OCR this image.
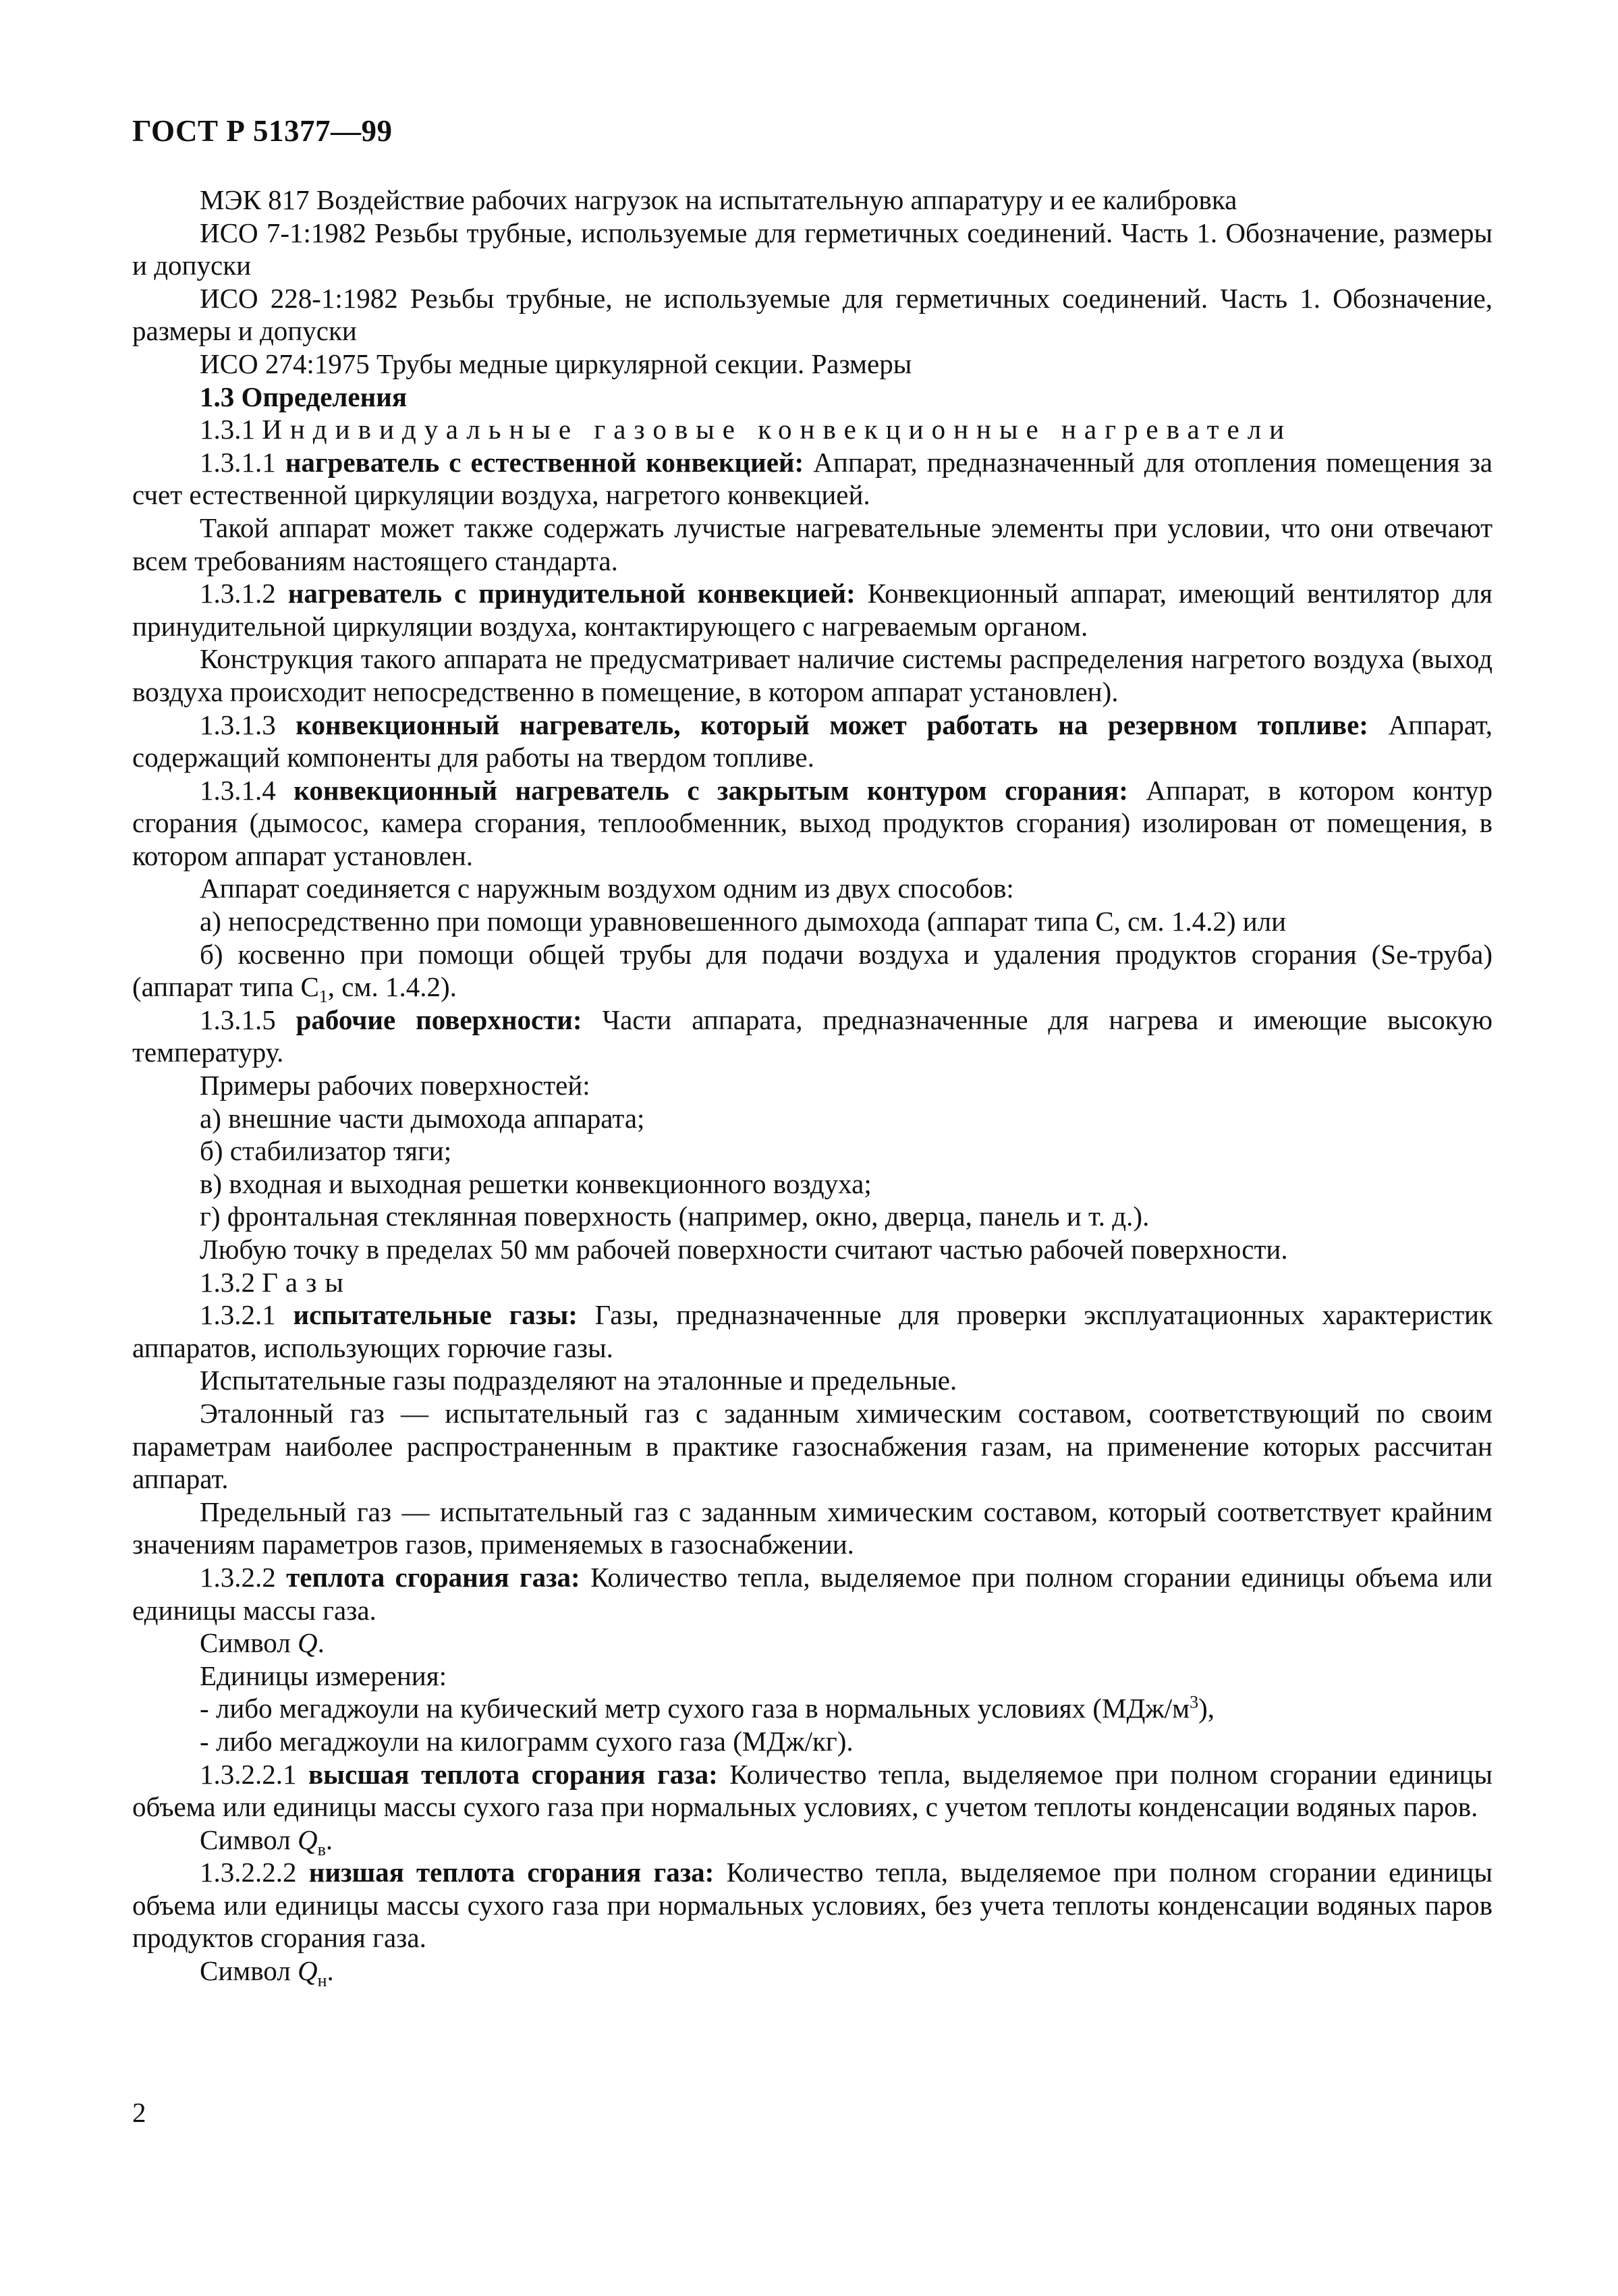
ГОСТ Р 51377—99

МЭК 817 Воздействие рабочих нагрузок на испытательную аппаратуру и ее калибровка

ИСО 7-1:1982 Резьбы трубные, используемые для герметичных соединений. Часть 1. Обозначение, размеры и допуски

ИСО 228-1:1982 Резьбы трубные, не используемые для герметичных соединений. Часть 1. Обозначение, размеры и допуски

ИСО 274:1975 Трубы медные циркулярной секции. Размеры

1.3 Определения

1.3.1 Индивидуальные газовые конвекционные нагреватели

1.3.1.1 нагреватель с естественной конвекцией: Аппарат, предназначенный для отопления помещения за счет естественной циркуляции воздуха, нагретого конвекцией.

Такой аппарат может также содержать лучистые нагревательные элементы при условии, что они отвечают всем требованиям настоящего стандарта.

1.3.1.2 нагреватель с принудительной конвекцией: Конвекционный аппарат, имеющий вентилятор для принудительной циркуляции воздуха, контактирующего с нагреваемым органом.

Конструкция такого аппарата не предусматривает наличие системы распределения нагретого воздуха (выход воздуха происходит непосредственно в помещение, в котором аппарат установлен).

1.3.1.3 конвекционный нагреватель, который может работать на резервном топливе: Аппарат, содержащий компоненты для работы на твердом топливе.

1.3.1.4 конвекционный нагреватель с закрытым контуром сгорания: Аппарат, в котором контур сгорания (дымосос, камера сгорания, теплообменник, выход продуктов сгорания) изолирован от помещения, в котором аппарат установлен.

Аппарат соединяется с наружным воздухом одним из двух способов:

а) непосредственно при помощи уравновешенного дымохода (аппарат типа С, см. 1.4.2) или

б) косвенно при помощи общей трубы для подачи воздуха и удаления продуктов сгорания (Se-труба) (аппарат типа $С_1$, см. 1.4.2).

1.3.1.5 рабочие поверхности: Части аппарата, предназначенные для нагрева и имеющие высокую температуру.

Примеры рабочих поверхностей:

а) внешние части дымохода аппарата;

б) стабилизатор тяги;

в) входная и выходная решетки конвекционного воздуха;

г) фронтальная стеклянная поверхность (например, окно, дверца, панель и т. д.).

Любую точку в пределах 50 мм рабочей поверхности считают частью рабочей поверхности.

1.3.2 Газы

1.3.2.1 испытательные газы: Газы, предназначенные для проверки эксплуатационных характеристик аппаратов, использующих горючие газы.

Испытательные газы подразделяют на эталонные и предельные.

Эталонный газ — испытательный газ с заданным химическим составом, соответствующий по своим параметрам наиболее распространенным в практике газоснабжения газам, на применение которых рассчитан аппарат.

Предельный газ — испытательный газ с заданным химическим составом, который соответствует крайним значениям параметров газов, применяемых в газоснабжении.

1.3.2.2 теплота сгорания газа: Количество тепла, выделяемое при полном сгорании единицы объема или единицы массы газа.

Символ Q.

Единицы измерения:

- либо мегаджоули на кубический метр сухого газа в нормальных условиях $(МДж/м^3)$,

- либо мегаджоули на килограмм сухого газа (МДж/кг).

1.3.2.2.1 высшая теплота сгорания газа: Количество тепла, выделяемое при полном сгорании единицы объема или единицы массы сухого газа при нормальных условиях, с учетом теплоты конденсации водяных паров.

Символ $Q_в$.

1.3.2.2.2 низшая теплота сгорания газа: Количество тепла, выделяемое при полном сгорании единицы объема или единицы массы сухого газа при нормальных условиях, без учета теплоты конденсации водяных паров продуктов сгорания газа.

Символ $Q_н$.

2
